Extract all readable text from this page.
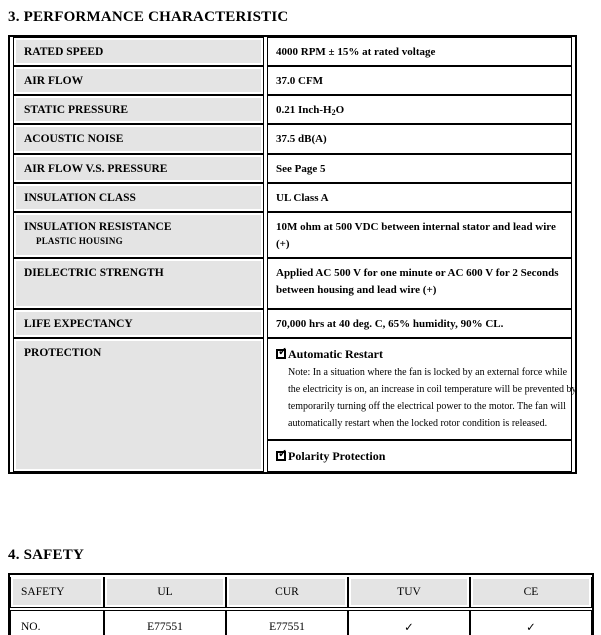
3. PERFORMANCE CHARACTERISTIC
RATED SPEED	4000 RPM ± 15% at rated voltage
AIR FLOW	37.0 CFM
STATIC PRESSURE	0.21 Inch-$H_2O$
ACOUSTIC NOISE	37.5 dB(A)
AIR FLOW V.S. PRESSURE	See Page 5
INSULATION CLASS	UL Class A

INSULATION RESISTANCE
PLASTIC HOUSING	10M ohm at 500 VDC between internal stator and lead wire (+)
DIELECTRIC STRENGTH	Applied AC 500 V for one minute or AC 600 V for 2 Seconds between housing and lead wire (+)
LIFE EXPECTANCY	70,000 hrs at 40 deg. C, 65% humidity, 90% CL.
PROTECTION	✓ Automatic Restart
Note: In a situation where the fan is locked by an external force while the electricity is on, an increase in coil temperature will be prevented by temporarily turning off the electrical power to the motor. The fan will automatically restart when the locked rotor condition is released.

	✓ Polarity Protection
4. SAFETY
SAFETY	UL	CUR	TUV	CE
NO.	E77551	E77551	✓	✓
